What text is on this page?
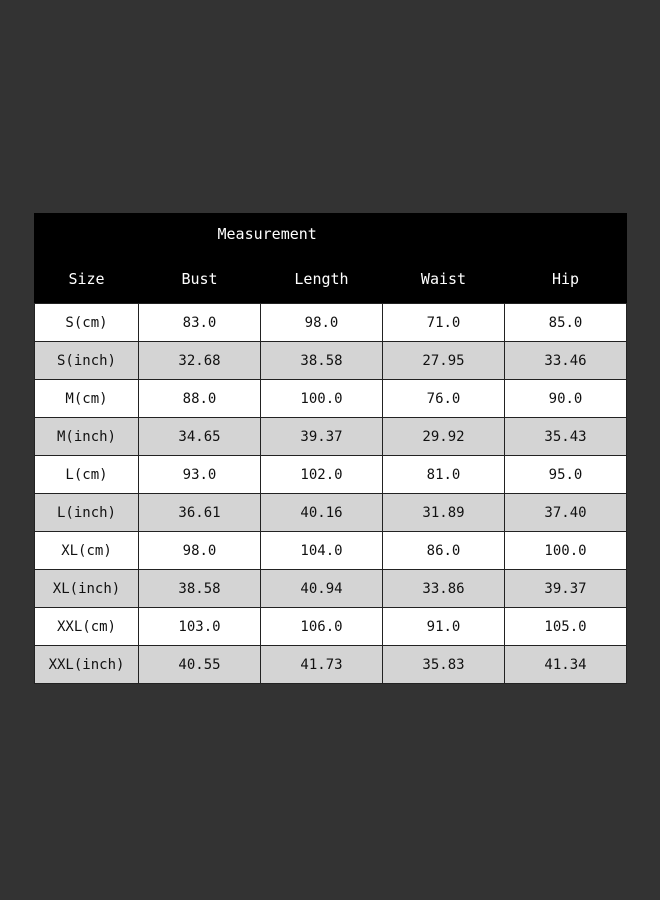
Measurement				
Size	Bust	Length	Waist	Hip
S(cm)	83.0	98.0	71.0	85.0
S(inch)	32.68	38.58	27.95	33.46
M(cm)	88.0	100.0	76.0	90.0
M(inch)	34.65	39.37	29.92	35.43
L(cm)	93.0	102.0	81.0	95.0
L(inch)	36.61	40.16	31.89	37.40
XL(cm)	98.0	104.0	86.0	100.0
XL(inch)	38.58	40.94	33.86	39.37
XXL(cm)	103.0	106.0	91.0	105.0
XXL(inch)	40.55	41.73	35.83	41.34
